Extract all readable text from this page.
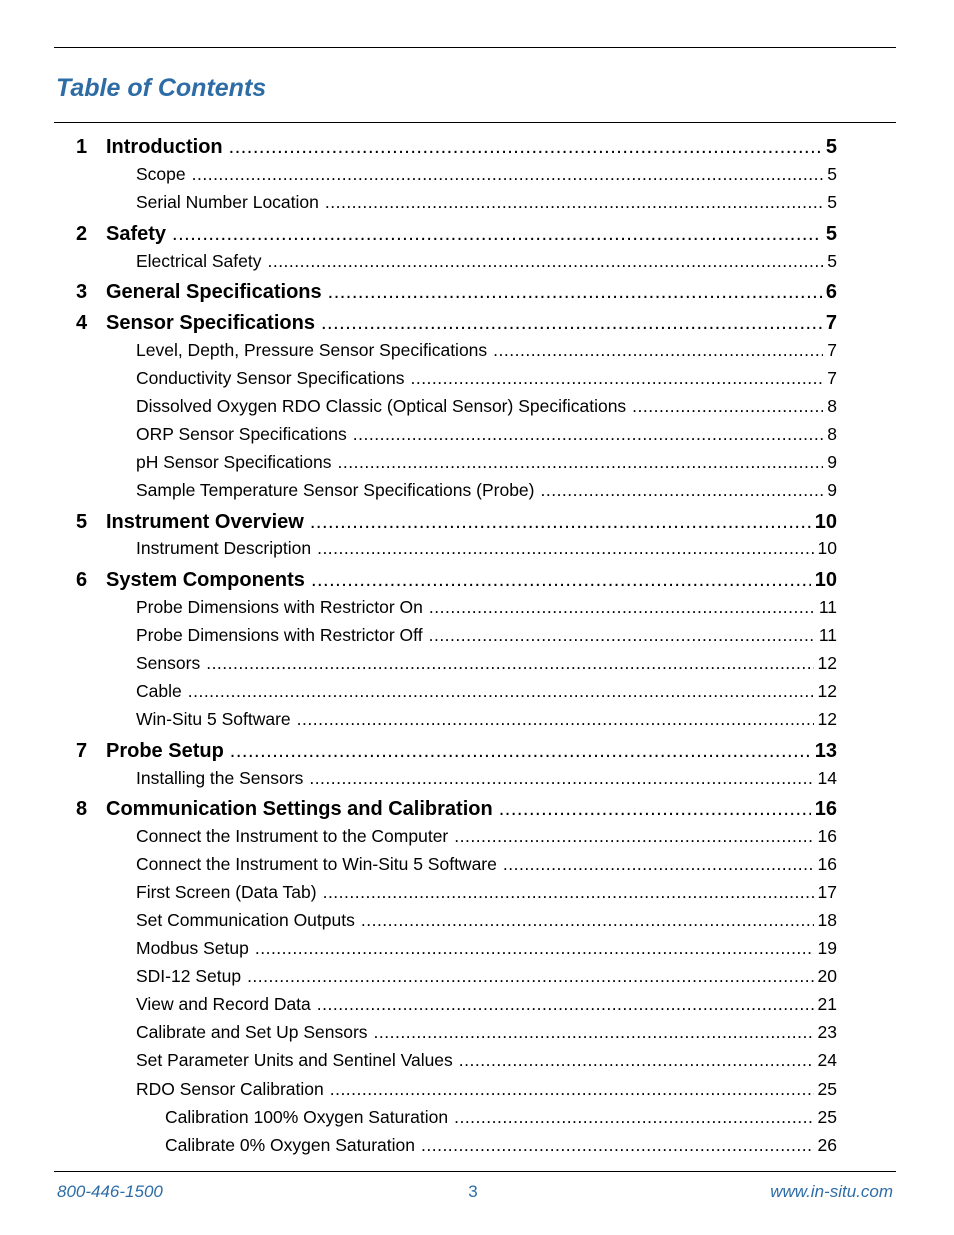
Table of Contents
1 Introduction .....	5
Scope .....	5
Serial Number Location .....	5
2 Safety .....	5
Electrical Safety .....	5
3 General Specifications .....	6
4 Sensor Specifications .....	7
Level, Depth, Pressure Sensor Specifications .....	7
Conductivity Sensor Specifications .....	7
Dissolved Oxygen RDO Classic (Optical Sensor) Specifications .....	8
ORP Sensor Specifications .....	8
pH Sensor Specifications .....	9
Sample Temperature Sensor Specifications (Probe) .....	9
5 Instrument Overview .....	10
Instrument Description .....	10
6 System Components .....	10
Probe Dimensions with Restrictor On .....	11
Probe Dimensions with Restrictor Off .....	11
Sensors .....	12
Cable .....	12
Win-Situ 5 Software .....	12
7 Probe Setup .....	13
Installing the Sensors .....	14
8 Communication Settings and Calibration .....	16
Connect the Instrument to the Computer .....	16
Connect the Instrument to Win-Situ 5 Software .....	16
First Screen (Data Tab) .....	17
Set Communication Outputs .....	18
Modbus Setup .....	19
SDI-12 Setup .....	20
View and Record Data .....	21
Calibrate and Set Up Sensors .....	23
Set Parameter Units and Sentinel Values .....	24
RDO Sensor Calibration .....	25
Calibration 100% Oxygen Saturation .....	25
Calibrate 0% Oxygen Saturation .....	26
800-446-1500	3	www.in-situ.com
